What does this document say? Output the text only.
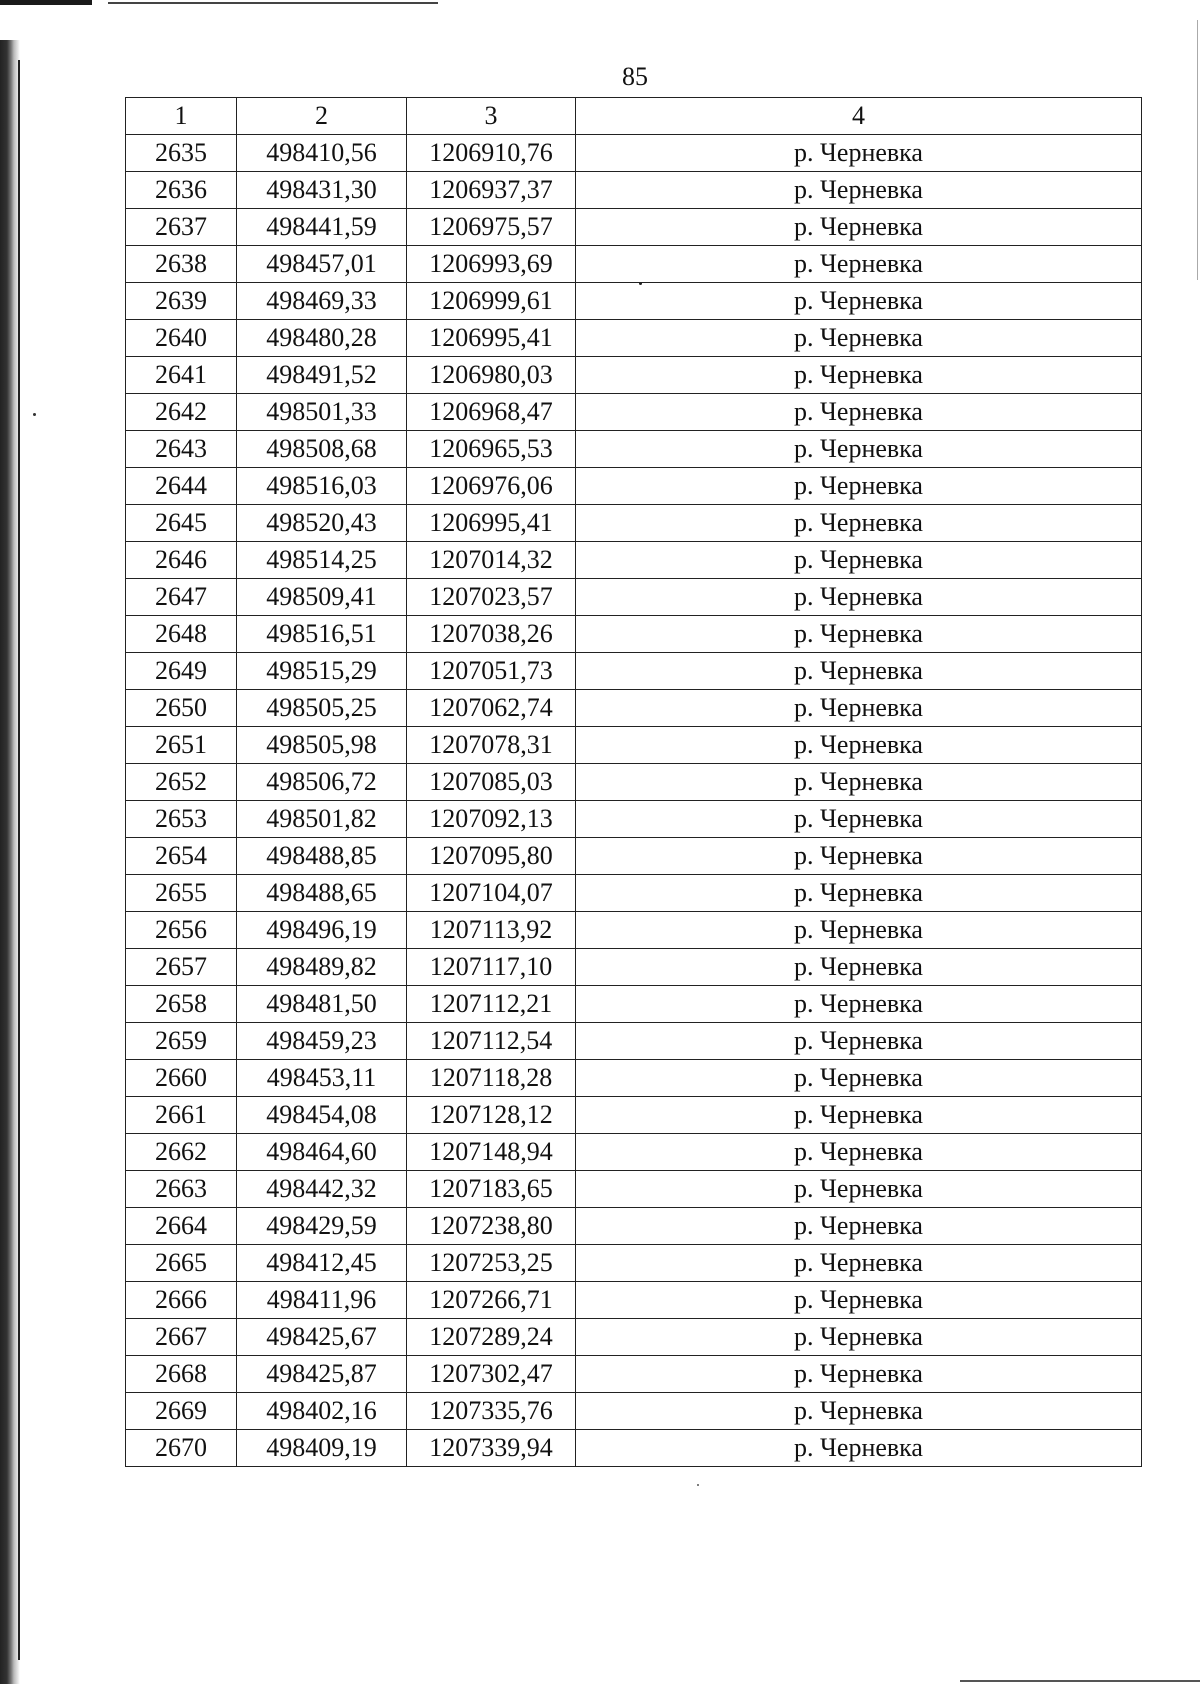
85
1	2	3	4
2635	498410,56	1206910,76	р. Черневка
2636	498431,30	1206937,37	р. Черневка
2637	498441,59	1206975,57	р. Черневка
2638	498457,01	1206993,69	р. Черневка
2639	498469,33	1206999,61	р. Черневка
2640	498480,28	1206995,41	р. Черневка
2641	498491,52	1206980,03	р. Черневка
2642	498501,33	1206968,47	р. Черневка
2643	498508,68	1206965,53	р. Черневка
2644	498516,03	1206976,06	р. Черневка
2645	498520,43	1206995,41	р. Черневка
2646	498514,25	1207014,32	р. Черневка
2647	498509,41	1207023,57	р. Черневка
2648	498516,51	1207038,26	р. Черневка
2649	498515,29	1207051,73	р. Черневка
2650	498505,25	1207062,74	р. Черневка
2651	498505,98	1207078,31	р. Черневка
2652	498506,72	1207085,03	р. Черневка
2653	498501,82	1207092,13	р. Черневка
2654	498488,85	1207095,80	р. Черневка
2655	498488,65	1207104,07	р. Черневка
2656	498496,19	1207113,92	р. Черневка
2657	498489,82	1207117,10	р. Черневка
2658	498481,50	1207112,21	р. Черневка
2659	498459,23	1207112,54	р. Черневка
2660	498453,11	1207118,28	р. Черневка
2661	498454,08	1207128,12	р. Черневка
2662	498464,60	1207148,94	р. Черневка
2663	498442,32	1207183,65	р. Черневка
2664	498429,59	1207238,80	р. Черневка
2665	498412,45	1207253,25	р. Черневка
2666	498411,96	1207266,71	р. Черневка
2667	498425,67	1207289,24	р. Черневка
2668	498425,87	1207302,47	р. Черневка
2669	498402,16	1207335,76	р. Черневка
2670	498409,19	1207339,94	р. Черневка
